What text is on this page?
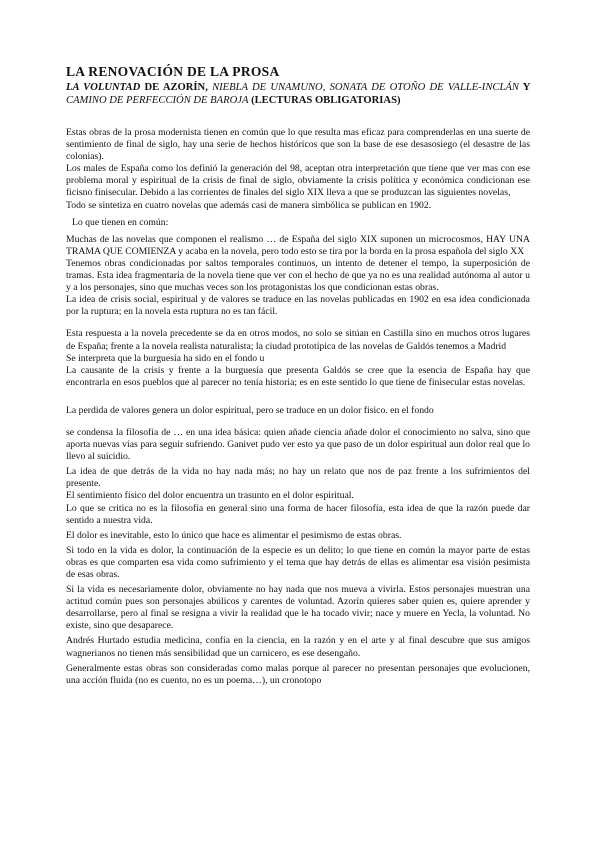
LA RENOVACIÓN DE LA PROSA
LA VOLUNTAD DE AZORÍN, NIEBLA DE UNAMUNO, SONATA DE OTOÑO DE VALLE-INCLÁN Y CAMINO DE PERFECCIÓN DE BAROJA (LECTURAS OBLIGATORIAS)

Estas obras de la prosa modernista tienen en común que lo que resulta mas eficaz para comprenderlas en una suerte de sentimiento de final de siglo, hay una serie de hechos históricos que son la base de ese desasosiego (el desastre de las colonias).

Los males de España como los definió la generación del 98, aceptan otra interpretación que tiene que ver mas con ese problema moral y espiritual de la crisis de final de siglo, obviamente la crisis política y económica condicionan ese ficisno finisecular. Debido a las corrientes de finales del siglo XIX lleva a que se produzcan las siguientes novelas,

Todo se sintetiza en cuatro novelas que además casi de manera simbólica se publican en 1902.

Lo que tienen en común:

Muchas de las novelas que componen el realismo … de España del siglo XIX suponen un microcosmos, HAY UNA TRAMA QUE COMIENZA y acaba en la novela, pero todo esto se tira por la borda en la prosa española del siglo XX

Tenemos obras condicionadas por saltos temporales continuos, un intento de detener el tempo, la superposición de tramas. Esta idea fragmentaria de la novela tiene que ver con el hecho de que ya no es una realidad autónoma al autor u y a los personajes, sino que muchas veces son los protagonistas los que condicionan estas obras.

La idea de crisis social, espiritual y de valores se traduce en las novelas publicadas en 1902 en esa idea condicionada por la ruptura; en la novela esta ruptura no es tan fácil.

Esta respuesta a la novela precedente se da en otros modos, no solo se sitúan en Castilla sino en muchos otros lugares de España; frente a la novela realista naturalista; la ciudad prototípica de las novelas de Galdós tenemos a Madrid

Se interpreta que la burguesía ha sido en el fondo u

La causante de la crisis y frente a la burguesía que presenta Galdós se cree que la esencia de España hay que encontrarla en esos pueblos que al parecer no tenía historia; es en este sentido lo que tiene de finisecular estas novelas.

La perdida de valores genera un dolor espiritual, pero se traduce en un dolor físico. en el fondo

se condensa la filosofía de … en una idea básica: quien añade ciencia añade dolor el conocimiento no salva, sino que aporta nuevas vías para seguir sufriendo. Ganivet pudo ver esto ya que paso de un dolor espiritual aun dolor real que lo llevo al suicidio.

La idea de que detrás de la vida no hay nada más; no hay un relato que nos de paz frente a los sufrimientos del presente.

El sentimiento físico del dolor encuentra un trasunto en el dolor espiritual.

Lo que se critica no es la filosofía en general sino una forma de hacer filosofía, esta idea de que la razón puede dar sentido a nuestra vida.

El dolor es inevitable, esto lo único que hace es alimentar el pesimismo de estas obras.

Si todo en la vida es dolor, la continuación de la especie es un delito; lo que tiene en común la mayor parte de estas obras es que comparten esa vida como sufrimiento y el tema que hay detrás de ellas es alimentar esa visión pesimista de esas obras.

Si la vida es necesariamente dolor, obviamente no hay nada que nos mueva a vivirla. Estos personajes muestran una actitud común pues son personajes abúlicos y carentes de voluntad. Azorín quieres saber quien es, quiere aprender y desarrollarse, pero al final se resigna a vivir la realidad que le ha tocado vivir; nace y muere en Yecla, la voluntad. No existe, sino que desaparece.

Andrés Hurtado estudia medicina, confía en la ciencia, en la razón y en el arte y al final descubre que sus amigos wagnerianos no tienen más sensibilidad que un carnicero, es ese desengaño.

Generalmente estas obras son consideradas como malas porque al parecer no presentan personajes que evolucionen, una acción fluida (no es cuento, no es un poema…), un cronotopo
